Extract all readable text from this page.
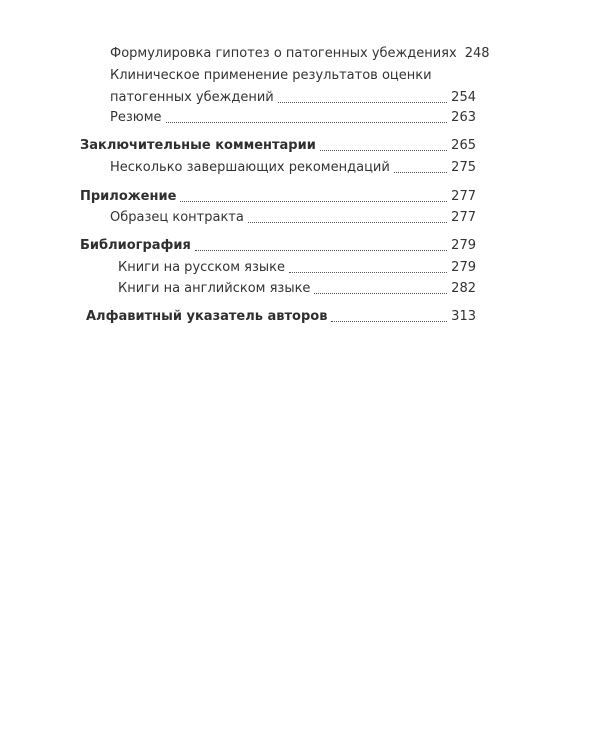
Формулировка гипотез о патогенных убеждениях 248
Клиническое применение результатов оценки
патогенных убеждений	254
Резюме	263
Заключительные комментарии	265
Несколько завершающих рекомендаций	275
Приложение	277
Образец контракта	277
Библиография	279
Книги на русском языке	279
Книги на английском языке	282
Алфавитный указатель авторов	313
